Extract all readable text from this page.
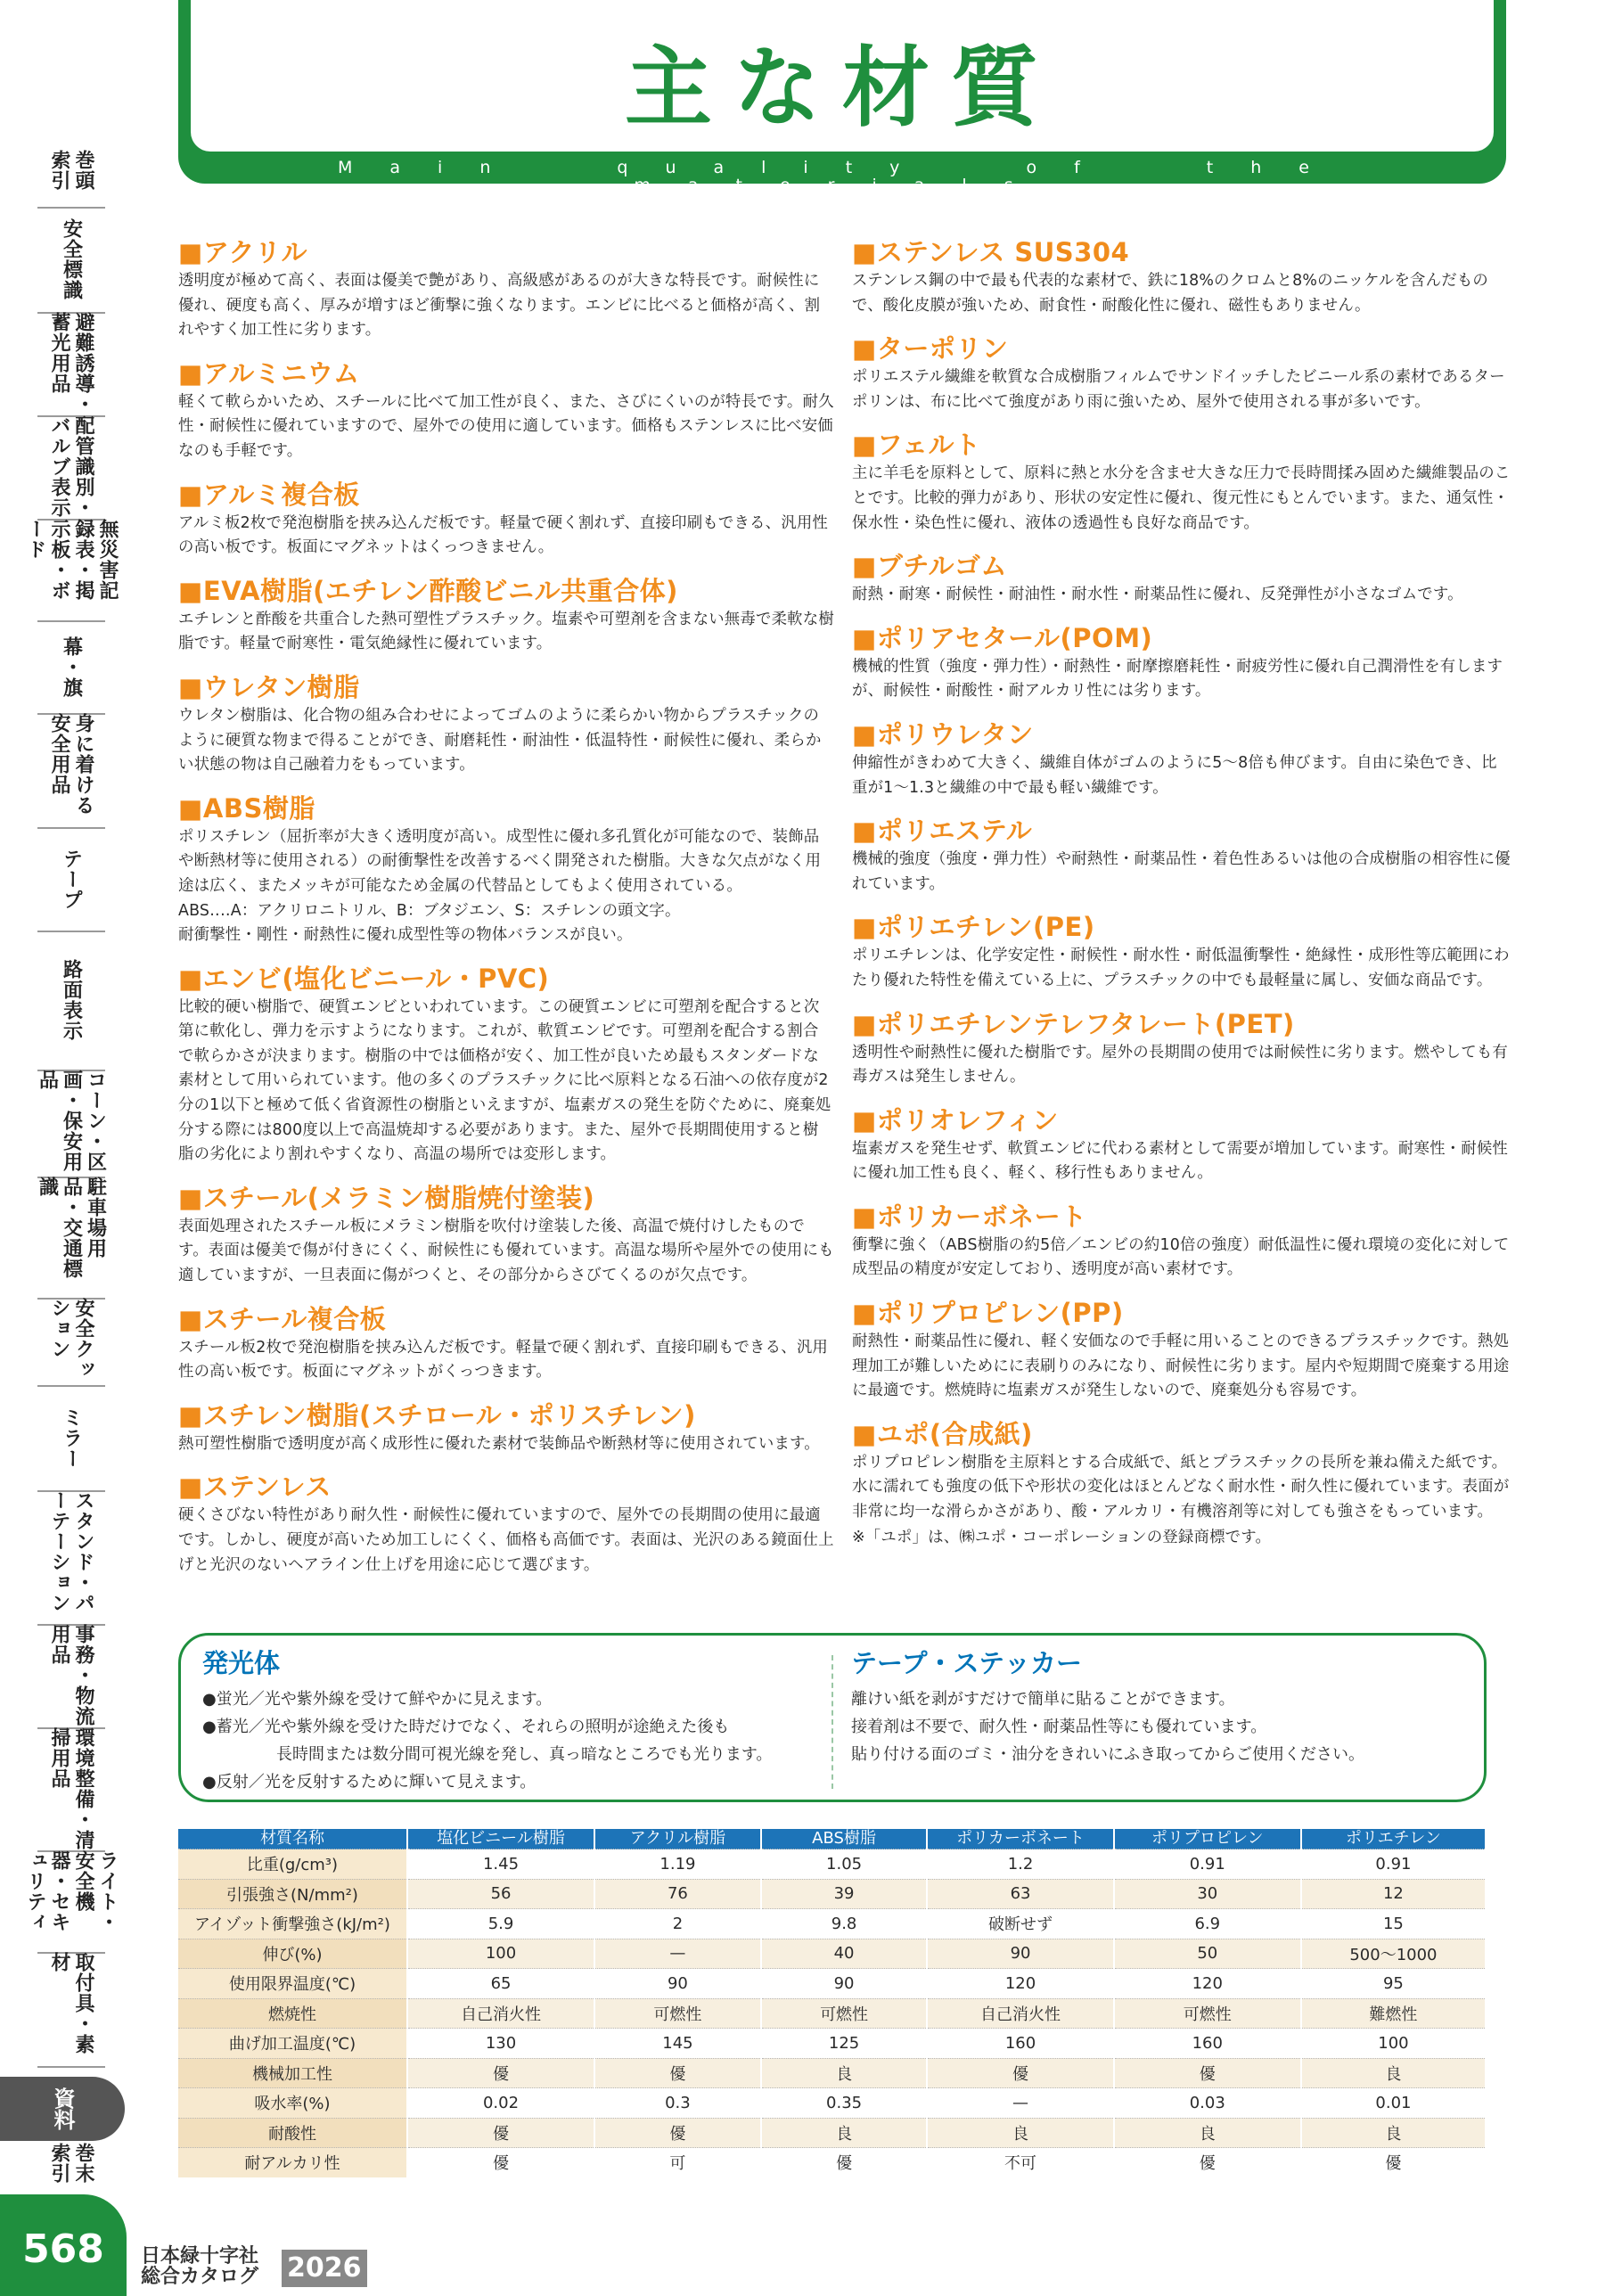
主な材質
Main quality of the materials
巻頭索引
安全標識
避難誘導・蓄光用品
配管識別・バルブ表示
無災害記録表・掲示板・ボード
幕・旗
身に着ける安全用品
テープ
路面表示
コーン・区画・保安用品
駐車場用品・交通標識
安全クッション
ミラー
スタンド・パーテーション
事務・物流用品
環境整備・清掃用品
ライト・安全機器・セキュリティ
取付具・素材
資料
巻末索引
■アクリル

透明度が極めて高く、表面は優美で艶があり、高級感があるのが大きな特長です。耐候性に優れ、硬度も高く、厚みが増すほど衝撃に強くなります。エンビに比べると価格が高く、割れやすく加工性に劣ります。

■アルミニウム

軽くて軟らかいため、スチールに比べて加工性が良く、また、さびにくいのが特長です。耐久性・耐候性に優れていますので、屋外での使用に適しています。価格もステンレスに比べ安価なのも手軽です。

■アルミ複合板

アルミ板2枚で発泡樹脂を挟み込んだ板です。軽量で硬く割れず、直接印刷もできる、汎用性の高い板です。板面にマグネットはくっつきません。

■EVA樹脂(エチレン酢酸ビニル共重合体)

エチレンと酢酸を共重合した熱可塑性プラスチック。塩素や可塑剤を含まない無毒で柔軟な樹脂です。軽量で耐寒性・電気絶縁性に優れています。

■ウレタン樹脂

ウレタン樹脂は、化合物の組み合わせによってゴムのように柔らかい物からプラスチックのように硬質な物まで得ることができ、耐磨耗性・耐油性・低温特性・耐候性に優れ、柔らかい状態の物は自己融着力をもっています。

■ABS樹脂

ポリスチレン（屈折率が大きく透明度が高い。成型性に優れ多孔質化が可能なので、装飾品や断熱材等に使用される）の耐衝撃性を改善するべく開発された樹脂。大きな欠点がなく用途は広く、またメッキが可能なため金属の代替品としてもよく使用されている。

ABS‥‥A：アクリロニトリル、B：ブタジエン、S：スチレンの頭文字。

耐衝撃性・剛性・耐熱性に優れ成型性等の物体バランスが良い。

■エンビ(塩化ビニール・PVC)

比較的硬い樹脂で、硬質エンビといわれています。この硬質エンビに可塑剤を配合すると次第に軟化し、弾力を示すようになります。これが、軟質エンビです。可塑剤を配合する割合で軟らかさが決まります。樹脂の中では価格が安く、加工性が良いため最もスタンダードな素材として用いられています。他の多くのプラスチックに比べ原料となる石油への依存度が2分の1以下と極めて低く省資源性の樹脂といえますが、塩素ガスの発生を防ぐために、廃棄処分する際には800度以上で高温焼却する必要があります。また、屋外で長期間使用すると樹脂の劣化により割れやすくなり、高温の場所では変形します。

■スチール(メラミン樹脂焼付塗装)

表面処理されたスチール板にメラミン樹脂を吹付け塗装した後、高温で焼付けしたものです。表面は優美で傷が付きにくく、耐候性にも優れています。高温な場所や屋外での使用にも適していますが、一旦表面に傷がつくと、その部分からさびてくるのが欠点です。

■スチール複合板

スチール板2枚で発泡樹脂を挟み込んだ板です。軽量で硬く割れず、直接印刷もできる、汎用性の高い板です。板面にマグネットがくっつきます。

■スチレン樹脂(スチロール・ポリスチレン)

熱可塑性樹脂で透明度が高く成形性に優れた素材で装飾品や断熱材等に使用されています。

■ステンレス

硬くさびない特性があり耐久性・耐候性に優れていますので、屋外での長期間の使用に最適です。しかし、硬度が高いため加工しにくく、価格も高価です。表面は、光沢のある鏡面仕上げと光沢のないヘアライン仕上げを用途に応じて選びます。

■ステンレス SUS304

ステンレス鋼の中で最も代表的な素材で、鉄に18%のクロムと8%のニッケルを含んだもので、酸化皮膜が強いため、耐食性・耐酸化性に優れ、磁性もありません。

■ターポリン

ポリエステル繊維を軟質な合成樹脂フィルムでサンドイッチしたビニール系の素材であるターポリンは、布に比べて強度があり雨に強いため、屋外で使用される事が多いです。

■フェルト

主に羊毛を原料として、原料に熱と水分を含ませ大きな圧力で長時間揉み固めた繊維製品のことです。比較的弾力があり、形状の安定性に優れ、復元性にもとんでいます。また、通気性・保水性・染色性に優れ、液体の透過性も良好な商品です。

■ブチルゴム

耐熱・耐寒・耐候性・耐油性・耐水性・耐薬品性に優れ、反発弾性が小さなゴムです。

■ポリアセタール(POM)

機械的性質（強度・弾力性）・耐熱性・耐摩擦磨耗性・耐疲労性に優れ自己潤滑性を有しますが、耐候性・耐酸性・耐アルカリ性には劣ります。

■ポリウレタン

伸縮性がきわめて大きく、繊維自体がゴムのように5〜8倍も伸びます。自由に染色でき、比重が1〜1.3と繊維の中で最も軽い繊維です。

■ポリエステル

機械的強度（強度・弾力性）や耐熱性・耐薬品性・着色性あるいは他の合成樹脂の相容性に優れています。

■ポリエチレン(PE)

ポリエチレンは、化学安定性・耐候性・耐水性・耐低温衝撃性・絶縁性・成形性等広範囲にわたり優れた特性を備えている上に、プラスチックの中でも最軽量に属し、安価な商品です。

■ポリエチレンテレフタレート(PET)

透明性や耐熱性に優れた樹脂です。屋外の長期間の使用では耐候性に劣ります。燃やしても有毒ガスは発生しません。

■ポリオレフィン

塩素ガスを発生せず、軟質エンビに代わる素材として需要が増加しています。耐寒性・耐候性に優れ加工性も良く、軽く、移行性もありません。

■ポリカーボネート

衝撃に強く（ABS樹脂の約5倍／エンビの約10倍の強度）耐低温性に優れ環境の変化に対して成型品の精度が安定しており、透明度が高い素材です。

■ポリプロピレン(PP)

耐熱性・耐薬品性に優れ、軽く安価なので手軽に用いることのできるプラスチックです。熱処理加工が難しいためにに表刷りのみになり、耐候性に劣ります。屋内や短期間で廃棄する用途に最適です。燃焼時に塩素ガスが発生しないので、廃棄処分も容易です。

■ユポ(合成紙)

ポリプロピレン樹脂を主原料とする合成紙で、紙とプラスチックの長所を兼ね備えた紙です。水に濡れても強度の低下や形状の変化はほとんどなく耐水性・耐久性に優れています。表面が非常に均一な滑らかさがあり、酸・アルカリ・有機溶剤等に対しても強さをもっています。

※「ユポ」は、㈱ユポ・コーポレーションの登録商標です。

発光体

●蛍光／光や紫外線を受けて鮮やかに見えます。

●蓄光／光や紫外線を受けた時だけでなく、それらの照明が途絶えた後も

長時間または数分間可視光線を発し、真っ暗なところでも光ります。

●反射／光を反射するために輝いて見えます。

テープ・ステッカー

離けい紙を剥がすだけで簡単に貼ることができます。

接着剤は不要で、耐久性・耐薬品性等にも優れています。

貼り付ける面のゴミ・油分をきれいにふき取ってからご使用ください。

材質名称	塩化ビニール樹脂	アクリル樹脂	ABS樹脂	ポリカーボネート	ポリプロピレン	ポリエチレン
比重(g/cm³)	1.45	1.19	1.05	1.2	0.91	0.91
引張強さ(N/mm²)	56	76	39	63	30	12
アイゾット衝撃強さ(kJ/m²)	5.9	2	9.8	破断せず	6.9	15
伸び(%)	100	—	40	90	50	500〜1000
使用限界温度(℃)	65	90	90	120	120	95
燃焼性	自己消火性	可燃性	可燃性	自己消火性	可燃性	難燃性
曲げ加工温度(℃)	130	145	125	160	160	100
機械加工性	優	優	良	優	優	良
吸水率(%)	0.02	0.3	0.35	—	0.03	0.01
耐酸性	優	優	良	良	良	良
耐アルカリ性	優	可	優	不可	優	優
568	日本緑十字社
総合カタログ 2026
